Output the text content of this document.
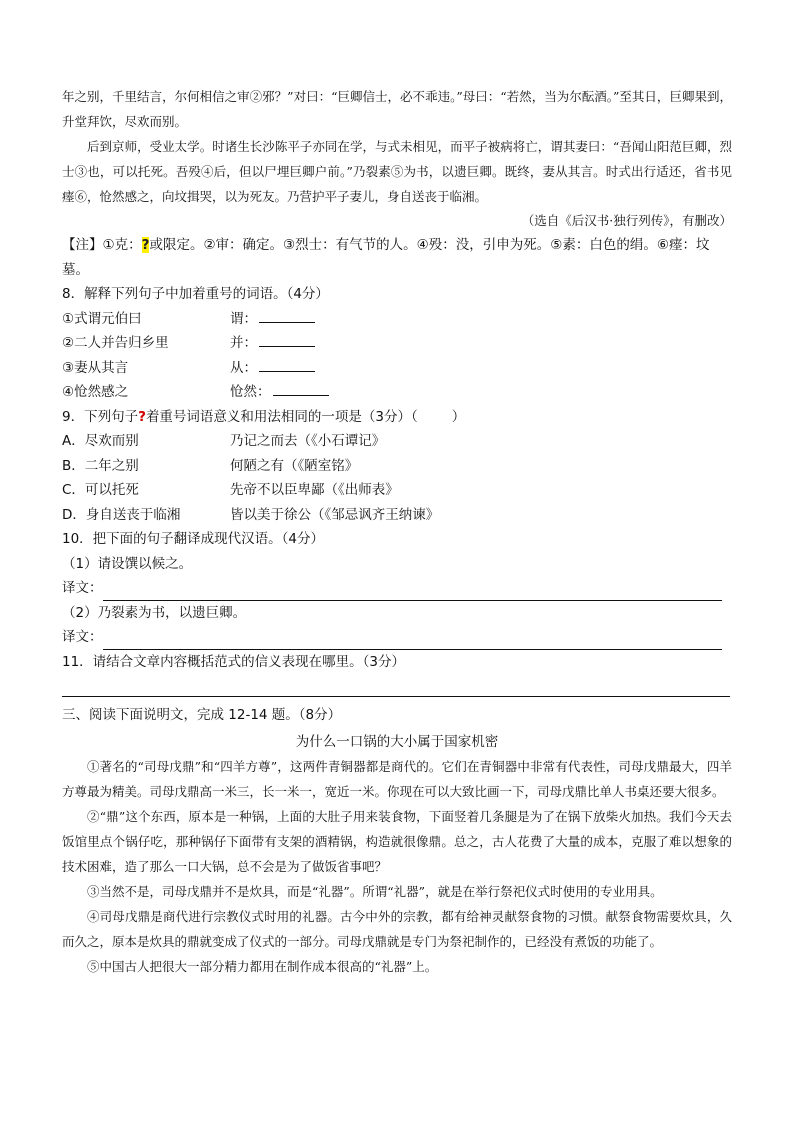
年之别，千里结言，尔何相信之审②邪？”对曰：“巨卿信士，必不乖违。”母曰：“若然，当为尔酝酒。”至其日，巨卿果到，升堂拜饮，尽欢而别。

后到京师，受业太学。时诸生长沙陈平子亦同在学，与式未相见，而平子被病将亡，谓其妻曰：“吾闻山阳范巨卿，烈士③也，可以托死。吾殁④后，但以尸埋巨卿户前。”乃裂素⑤为书，以遗巨卿。既终，妻从其言。时式出行适还，省书见瘗⑥，怆然感之，向坟揖哭，以为死友。乃营护平子妻儿，身自送丧于临湘。

（选自《后汉书·独行列传》，有删改）

【注】①克：?或限定。②审：确定。③烈士：有气节的人。④殁：没，引申为死。⑤素：白色的绢。⑥瘗：坟墓。

8．解释下列句子中加着重号的词语。（4分）

①式谓元伯曰	谓：
②二人并告归乡里	并：
③妻从其言	从：
④怆然感之	怆然：

9．下列句子?着重号词语意义和用法相同的一项是（3分）（	）

A．尽欢而别	乃记之而去（《小石谭记》
B．二年之别	何陋之有（《陋室铭》
C．可以托死	先帝不以臣卑鄙（《出师表》
D．身自送丧于临湘	皆以美于徐公（《邹忌讽齐王纳谏》

10．把下面的句子翻译成现代汉语。（4分）

（1）请设馔以候之。

译文：

（2）乃裂素为书，以遗巨卿。

译文：

11．请结合文章内容概括范式的信义表现在哪里。（3分）

三、阅读下面说明文，完成 12-14 题。（8分）

为什么一口锅的大小属于国家机密

①著名的“司母戊鼎”和“四羊方尊”，这两件青铜器都是商代的。它们在青铜器中非常有代表性，司母戊鼎最大，四羊方尊最为精美。司母戊鼎高一米三，长一米一，宽近一米。你现在可以大致比画一下，司母戊鼎比单人书桌还要大很多。

②“鼎”这个东西，原本是一种锅，上面的大肚子用来装食物，下面竖着几条腿是为了在锅下放柴火加热。我们今天去饭馆里点个锅仔吃，那种锅仔下面带有支架的酒精锅，构造就很像鼎。总之，古人花费了大量的成本，克服了难以想象的技术困难，造了那么一口大锅，总不会是为了做饭省事吧？

③当然不是，司母戊鼎并不是炊具，而是“礼器”。所谓“礼器”，就是在举行祭祀仪式时使用的专业用具。

④司母戊鼎是商代进行宗教仪式时用的礼器。古今中外的宗教，都有给神灵献祭食物的习惯。献祭食物需要炊具，久而久之，原本是炊具的鼎就变成了仪式的一部分。司母戊鼎就是专门为祭祀制作的，已经没有煮饭的功能了。

⑤中国古人把很大一部分精力都用在制作成本很高的“礼器”上。
